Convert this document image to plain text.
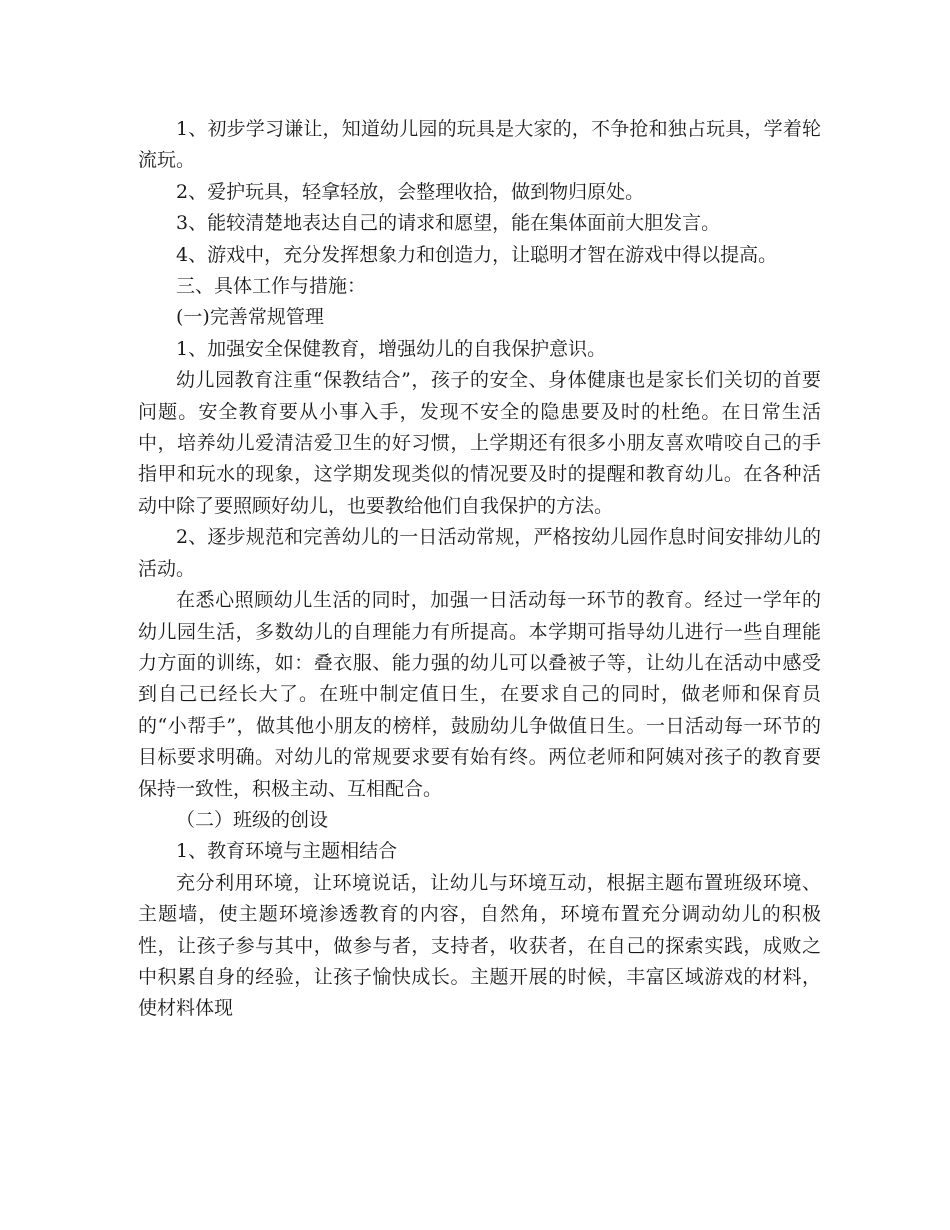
1、初步学习谦让，知道幼儿园的玩具是大家的，不争抢和独占玩具，学着轮流玩。

2、爱护玩具，轻拿轻放，会整理收拾，做到物归原处。

3、能较清楚地表达自己的请求和愿望，能在集体面前大胆发言。

4、游戏中，充分发挥想象力和创造力，让聪明才智在游戏中得以提高。

三、具体工作与措施：

(一)完善常规管理

1、加强安全保健教育，增强幼儿的自我保护意识。

幼儿园教育注重“保教结合”，孩子的安全、身体健康也是家长们关切的首要问题。安全教育要从小事入手，发现不安全的隐患要及时的杜绝。在日常生活中，培养幼儿爱清洁爱卫生的好习惯，上学期还有很多小朋友喜欢啃咬自己的手指甲和玩水的现象，这学期发现类似的情况要及时的提醒和教育幼儿。在各种活动中除了要照顾好幼儿，也要教给他们自我保护的方法。

2、逐步规范和完善幼儿的一日活动常规，严格按幼儿园作息时间安排幼儿的活动。

在悉心照顾幼儿生活的同时，加强一日活动每一环节的教育。经过一学年的幼儿园生活，多数幼儿的自理能力有所提高。本学期可指导幼儿进行一些自理能力方面的训练，如：叠衣服、能力强的幼儿可以叠被子等，让幼儿在活动中感受到自己已经长大了。在班中制定值日生，在要求自己的同时，做老师和保育员的“小帮手”，做其他小朋友的榜样，鼓励幼儿争做值日生。一日活动每一环节的目标要求明确。对幼儿的常规要求要有始有终。两位老师和阿姨对孩子的教育要保持一致性，积极主动、互相配合。

（二）班级的创设

1、教育环境与主题相结合

充分利用环境，让环境说话，让幼儿与环境互动，根据主题布置班级环境、主题墙，使主题环境渗透教育的内容，自然角，环境布置充分调动幼儿的积极性，让孩子参与其中，做参与者，支持者，收获者，在自己的探索实践，成败之中积累自身的经验，让孩子愉快成长。主题开展的时候，丰富区域游戏的材料，使材料体现
